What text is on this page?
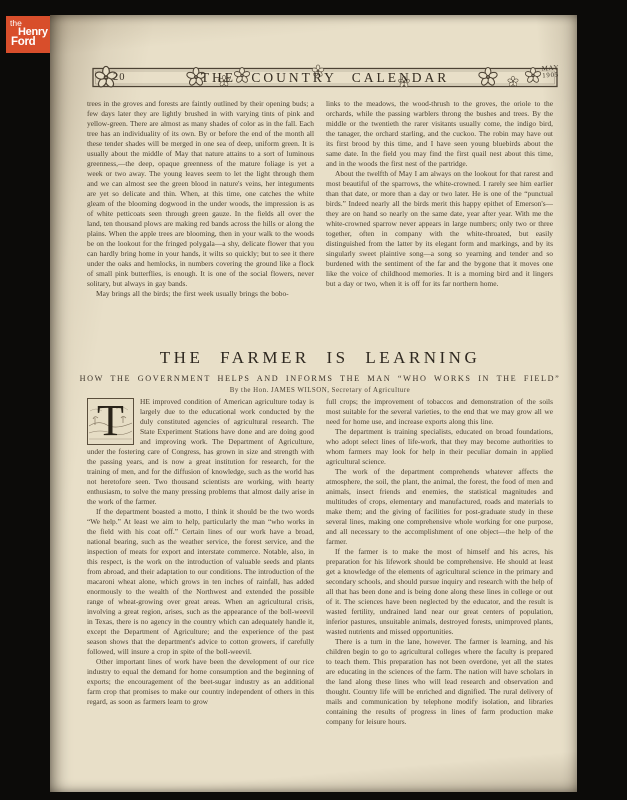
the
Henry
Ford
20	THE COUNTRY CALENDAR
MAY
1905

trees in the groves and forests are faintly outlined by their opening buds; a few days later they are lightly brushed in with varying tints of pink and yellow-green. There are almost as many shades of color as in the fall. Each tree has an individuality of its own. By or before the end of the month all these tender shades will be merged in one sea of deep, uniform green. It is usually about the middle of May that nature attains to a sort of luminous greenness,—the deep, opaque greenness of the mature foliage is yet a week or two away. The young leaves seem to let the light through them and we can almost see the green blood in nature's veins, her integuments are yet so delicate and thin. When, at this time, one catches the white gleam of the blooming dogwood in the under woods, the impression is as of white petticoats seen through green gauze. In the fields all over the land, ten thousand plows are making red bands across the hills or along the plains. When the apple trees are blooming, then in your walk to the woods be on the lookout for the fringed polygala—a shy, delicate flower that you can hardly bring home in your hands, it wilts so quickly; but to see it there under the oaks and hemlocks, in numbers covering the ground like a flock of small pink butterflies, is enough. It is one of the social flowers, never solitary, but always in gay bands.

May brings all the birds; the first week usually brings the bobo-

links to the meadows, the wood-thrush to the groves, the oriole to the orchards, while the passing warblers throng the bushes and trees. By the middle or the twentieth the rarer visitants usually come, the indigo bird, the tanager, the orchard starling, and the cuckoo. The robin may have out its first brood by this time, and I have seen young bluebirds about the same date. In the field you may find the first quail nest about this time, and in the woods the first nest of the partridge.

About the twelfth of May I am always on the lookout for that rarest and most beautiful of the sparrows, the white-crowned. I rarely see him earlier than that date, or more than a day or two later. He is one of the “punctual birds.” Indeed nearly all the birds merit this happy epithet of Emerson's—they are on hand so nearly on the same date, year after year. With me the white-crowned sparrow never appears in large numbers; only two or three together, often in company with the white-throated, but easily distinguished from the latter by its elegant form and markings, and by its singularly sweet plaintive song—a song so yearning and tender and so burdened with the sentiment of the far and the bygone that it moves one like the voice of childhood memories. It is a morning bird and it lingers but a day or two, when it is off for its far northern home.

THE FARMER IS LEARNING
HOW THE GOVERNMENT HELPS AND INFORMS THE MAN “WHO WORKS IN THE FIELD”
By the Hon. JAMES WILSON, Secretary of Agriculture

T	HE improved condition of American agriculture today is largely due to the educational work conducted by the duly constituted agencies of agricultural research. The State Experiment Stations have done and are doing good and improving work. The Department of Agriculture, under the fostering care of Congress, has grown in size and strength with the passing years, and is now a great institution for research, for the training of men, and for the diffusion of knowledge, such as the world has not heretofore seen. Two thousand scientists are working, with hearty enthusiasm, to solve the many pressing problems that almost daily arise in the work of the farmer.

If the department boasted a motto, I think it should be the two words “We help.” At least we aim to help, particularly the man “who works in the field with his coat off.” Certain lines of our work have a broad, national bearing, such as the weather service, the forest service, and the inspection of meats for export and interstate commerce. Notable, also, in this respect, is the work on the introduction of valuable seeds and plants from abroad, and their adaptation to our conditions. The introduction of the macaroni wheat alone, which grows in ten inches of rainfall, has added enormously to the wealth of the Northwest and extended the possible range of wheat-growing over great areas. When an agricultural crisis, involving a great region, arises, such as the appearance of the boll-weevil in Texas, there is no agency in the country which can adequately handle it, except the Department of Agriculture; and the experience of the past season shows that the department's advice to cotton growers, if carefully followed, will insure a crop in spite of the boll-weevil.

Other important lines of work have been the development of our rice industry to equal the demand for home consumption and the beginning of exports; the encouragement of the beet-sugar industry as an additional farm crop that promises to make our country independent of others in this regard, as soon as farmers learn to grow

full crops; the improvement of tobaccos and demonstration of the soils most suitable for the several varieties, to the end that we may grow all we need for home use, and increase exports along this line.

The department is training specialists, educated on broad foundations, who adopt select lines of life-work, that they may become authorities to whom farmers may look for help in their peculiar domain in applied agricultural science.

The work of the department comprehends whatever affects the atmosphere, the soil, the plant, the animal, the forest, the food of men and animals, insect friends and enemies, the statistical magnitudes and multitudes of crops, elementary and manufactured, roads and materials to make them; and the giving of facilities for post-graduate study in these several lines, making one comprehensive whole working for one purpose, and all necessary to the accomplishment of one object—the help of the farmer.

If the farmer is to make the most of himself and his acres, his preparation for his lifework should be comprehensive. He should at least get a knowledge of the elements of agricultural science in the primary and secondary schools, and should pursue inquiry and research with the help of all that has been done and is being done along these lines in college or out of it. The sciences have been neglected by the educator, and the result is wasted fertility, undrained land near our great centers of population, inferior pastures, unsuitable animals, destroyed forests, unimproved plants, wasted nutrients and missed opportunities.

There is a turn in the lane, however. The farmer is learning, and his children begin to go to agricultural colleges where the faculty is prepared to teach them. This preparation has not been overdone, yet all the states are educating in the sciences of the farm. The nation will have scholars in the land along these lines who will lead research and observation and thought. Country life will be enriched and dignified. The rural delivery of mails and communication by telephone modify isolation, and libraries containing the results of progress in lines of farm production make company for leisure hours.
